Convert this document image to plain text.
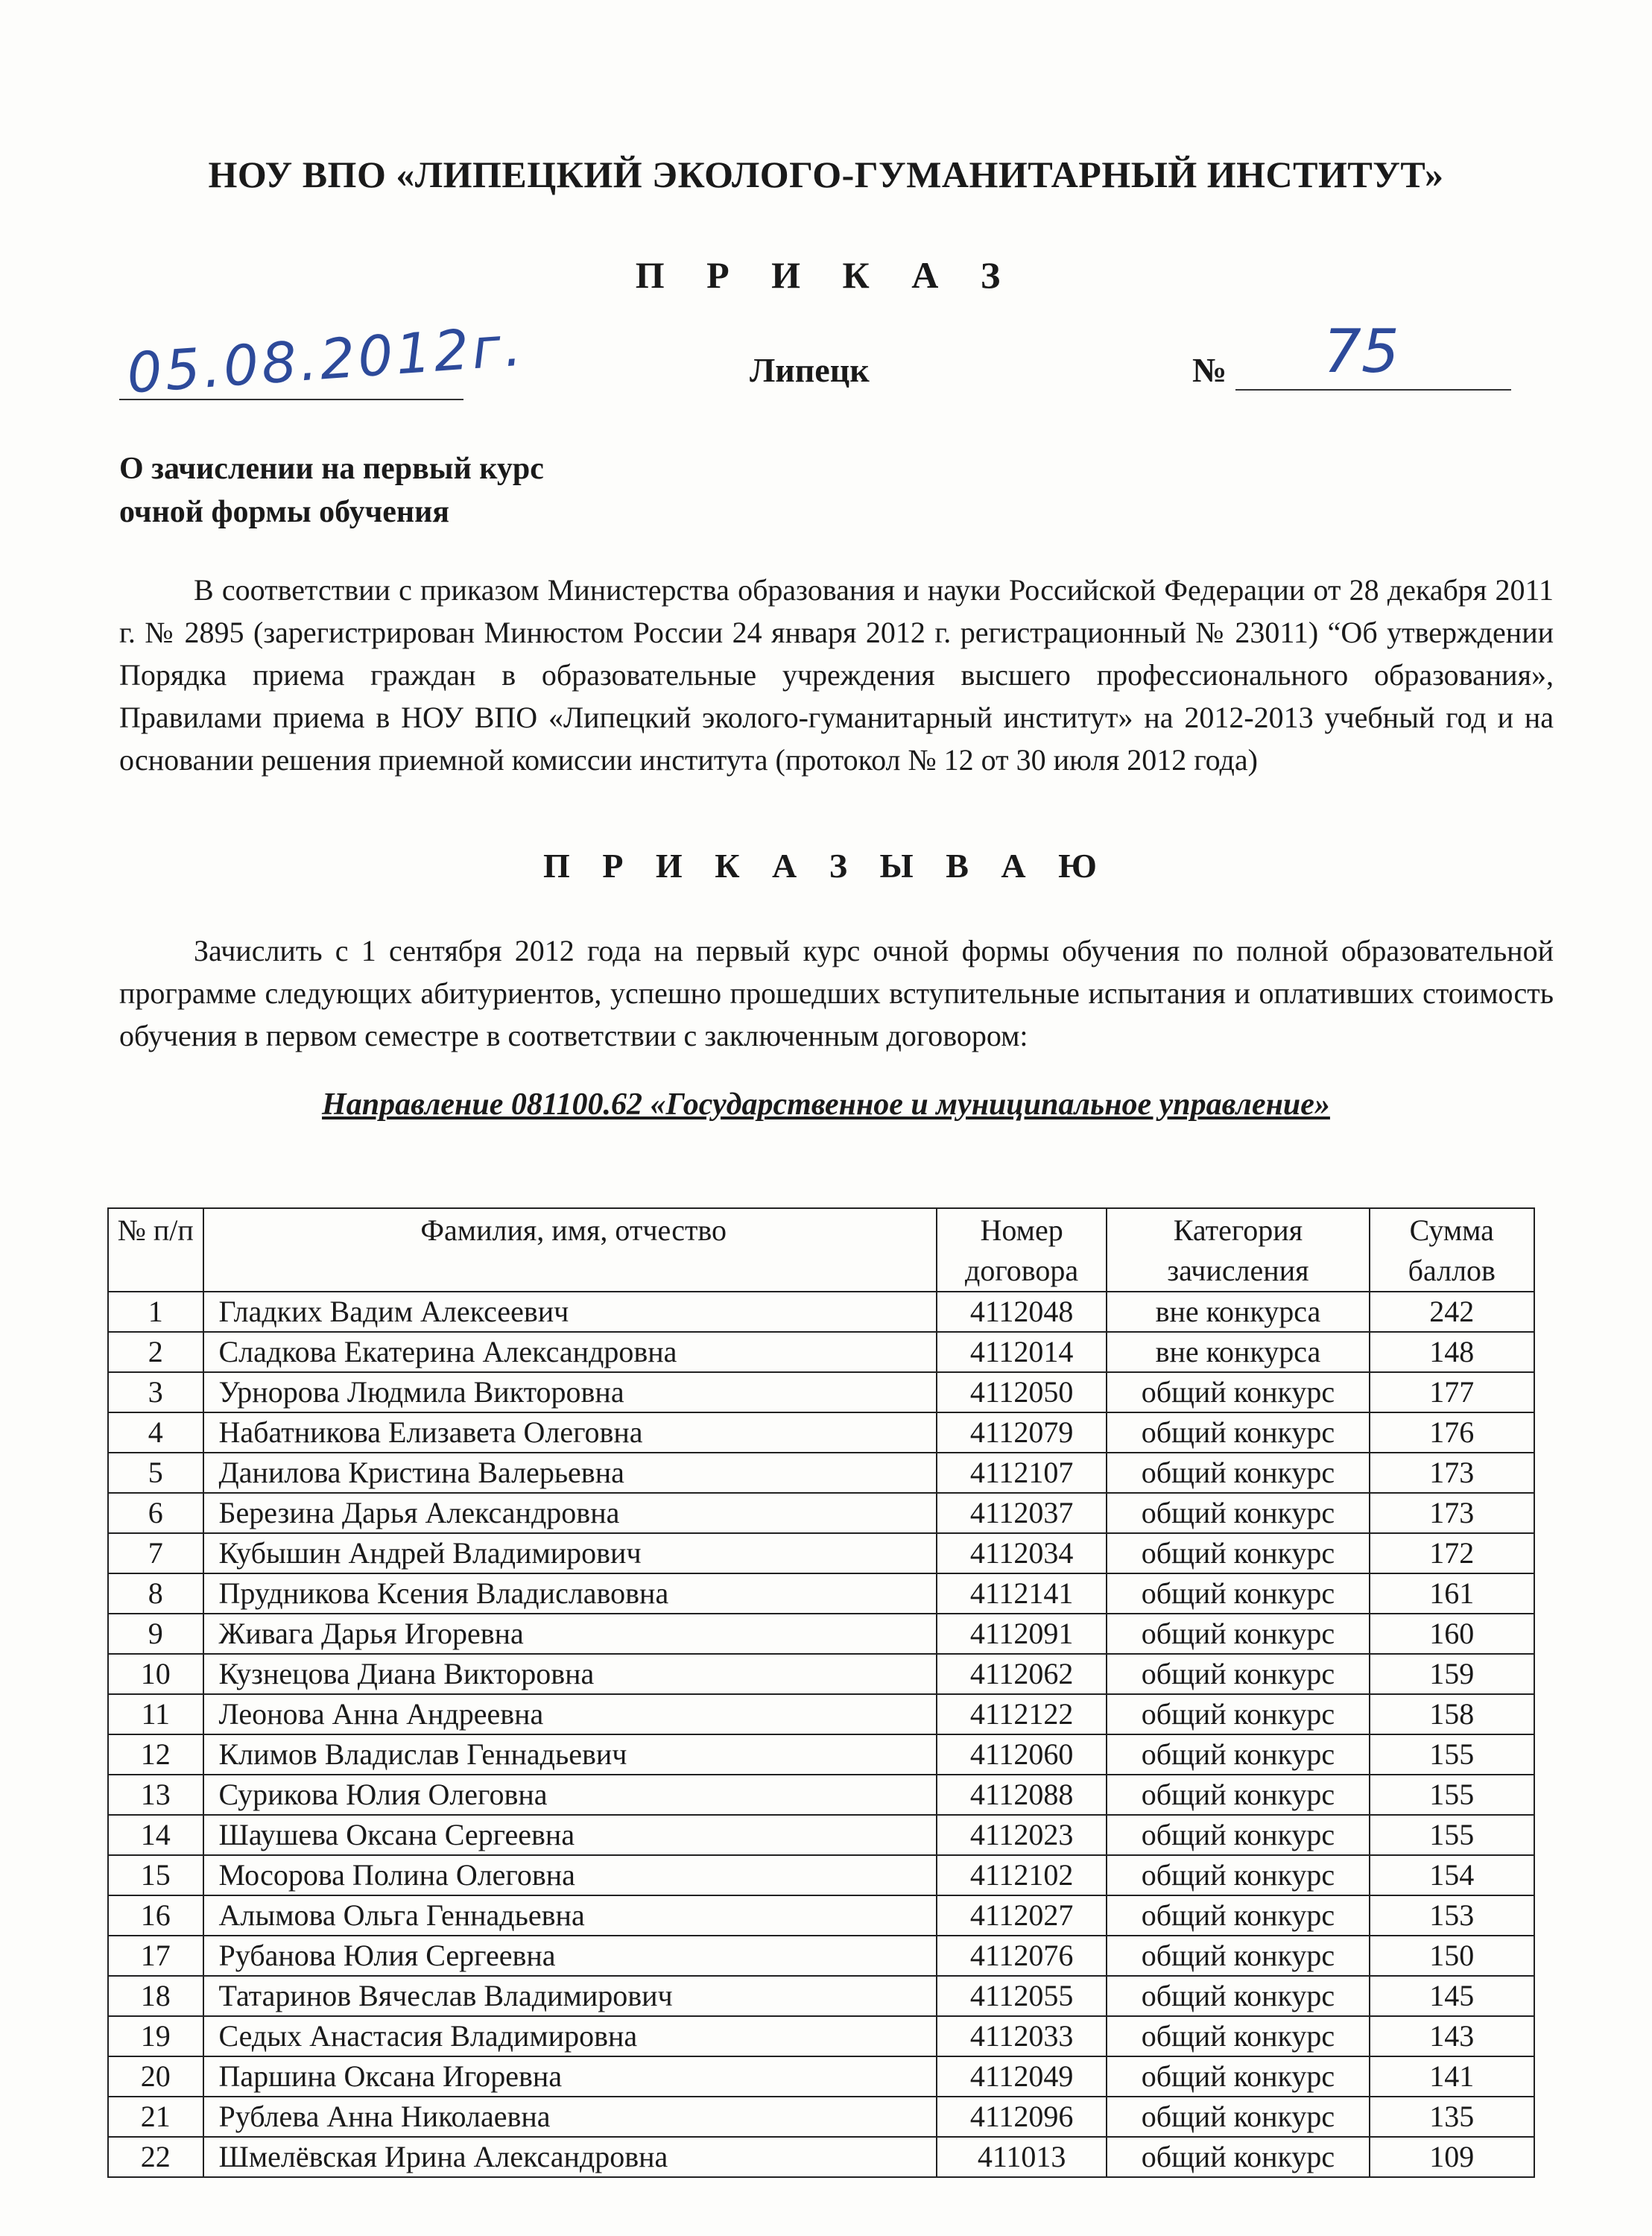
НОУ ВПО «ЛИПЕЦКИЙ ЭКОЛОГО-ГУМАНИТАРНЫЙ ИНСТИТУТ»
П Р И К А З
05.08.2012г.	Липецк	№ 75
О зачислении на первый курс
очной формы обучения
В соответствии с приказом Министерства образования и науки Российской Федерации от 28 декабря 2011 г. № 2895 (зарегистрирован Минюстом России 24 января 2012 г. регистрационный № 23011) “Об утверждении Порядка приема граждан в образовательные учреждения высшего профессионального образования», Правилами приема в НОУ ВПО «Липецкий эколого-гуманитарный институт» на 2012-2013 учебный год и на основании решения приемной комиссии института (протокол № 12 от 30 июля 2012 года)
П Р И К А З Ы В А Ю
Зачислить с 1 сентября 2012 года на первый курс очной формы обучения по полной образовательной программе следующих абитуриентов, успешно прошедших вступительные испытания и оплативших стоимость обучения в первом семестре в соответствии с заключенным договором:
Направление 081100.62 «Государственное и муниципальное управление»
№ п/п	Фамилия, имя, отчество	Номер договора	Категория зачисления	Сумма баллов
1	Гладких Вадим Алексеевич	4112048	вне конкурса	242
2	Сладкова Екатерина Александровна	4112014	вне конкурса	148
3	Урнорова Людмила Викторовна	4112050	общий конкурс	177
4	Набатникова Елизавета Олеговна	4112079	общий конкурс	176
5	Данилова Кристина Валерьевна	4112107	общий конкурс	173
6	Березина Дарья Александровна	4112037	общий конкурс	173
7	Кубышин Андрей Владимирович	4112034	общий конкурс	172
8	Прудникова Ксения Владиславовна	4112141	общий конкурс	161
9	Живага Дарья Игоревна	4112091	общий конкурс	160
10	Кузнецова Диана Викторовна	4112062	общий конкурс	159
11	Леонова Анна Андреевна	4112122	общий конкурс	158
12	Климов Владислав Геннадьевич	4112060	общий конкурс	155
13	Сурикова Юлия Олеговна	4112088	общий конкурс	155
14	Шаушева Оксана Сергеевна	4112023	общий конкурс	155
15	Мосорова Полина Олеговна	4112102	общий конкурс	154
16	Алымова Ольга Геннадьевна	4112027	общий конкурс	153
17	Рубанова Юлия Сергеевна	4112076	общий конкурс	150
18	Татаринов Вячеслав Владимирович	4112055	общий конкурс	145
19	Седых Анастасия Владимировна	4112033	общий конкурс	143
20	Паршина Оксана Игоревна	4112049	общий конкурс	141
21	Рублева Анна Николаевна	4112096	общий конкурс	135
22	Шмелёвская Ирина Александровна	411013	общий конкурс	109
